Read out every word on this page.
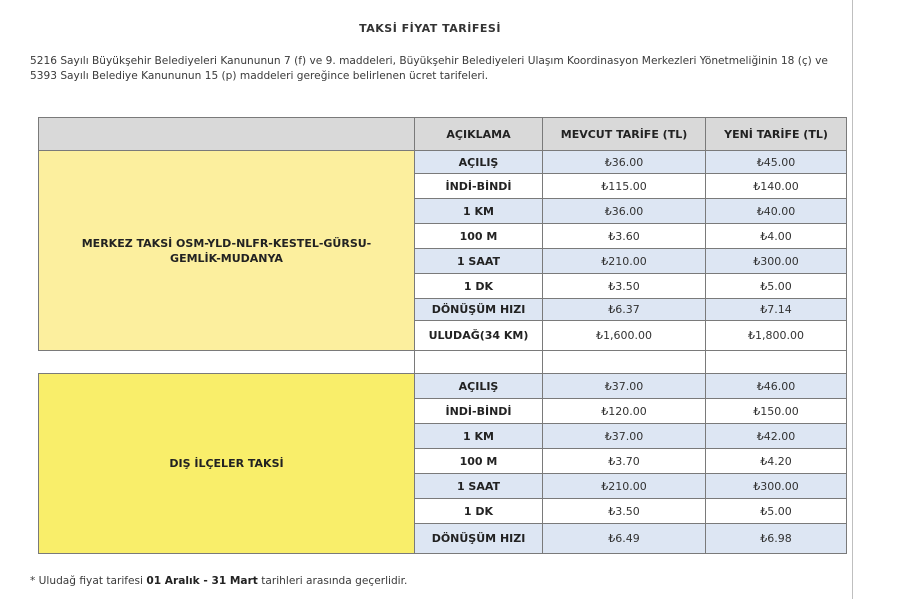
TAKSİ FİYAT TARİFESİ
5216 Sayılı Büyükşehir Belediyeleri Kanununun 7 (f) ve 9. maddeleri, Büyükşehir Belediyeleri Ulaşım Koordinasyon Merkezleri Yönetmeliğinin 18 (ç) ve 5393 Sayılı Belediye Kanununun 15 (p) maddeleri gereğince belirlenen ücret tarifeleri.
	AÇIKLAMA	MEVCUT TARİFE (TL)	YENİ TARİFE (TL)
MERKEZ TAKSİ OSM-YLD-NLFR-KESTEL-GÜRSU-GEMLİK-MUDANYA	AÇILIŞ	₺36.00	₺45.00
	İNDİ-BİNDİ	₺115.00	₺140.00
	1 KM	₺36.00	₺40.00
	100 M	₺3.60	₺4.00
	1 SAAT	₺210.00	₺300.00
	1 DK	₺3.50	₺5.00
	DÖNÜŞÜM HIZI	₺6.37	₺7.14
	ULUDAĞ(34 KM)	₺1,600.00	₺1,800.00

DIŞ İLÇELER TAKSİ	AÇILIŞ	₺37.00	₺46.00
	İNDİ-BİNDİ	₺120.00	₺150.00
	1 KM	₺37.00	₺42.00
	100 M	₺3.70	₺4.20
	1 SAAT	₺210.00	₺300.00
	1 DK	₺3.50	₺5.00
	DÖNÜŞÜM HIZI	₺6.49	₺6.98
* Uludağ fiyat tarifesi 01 Aralık - 31 Mart tarihleri arasında geçerlidir.
